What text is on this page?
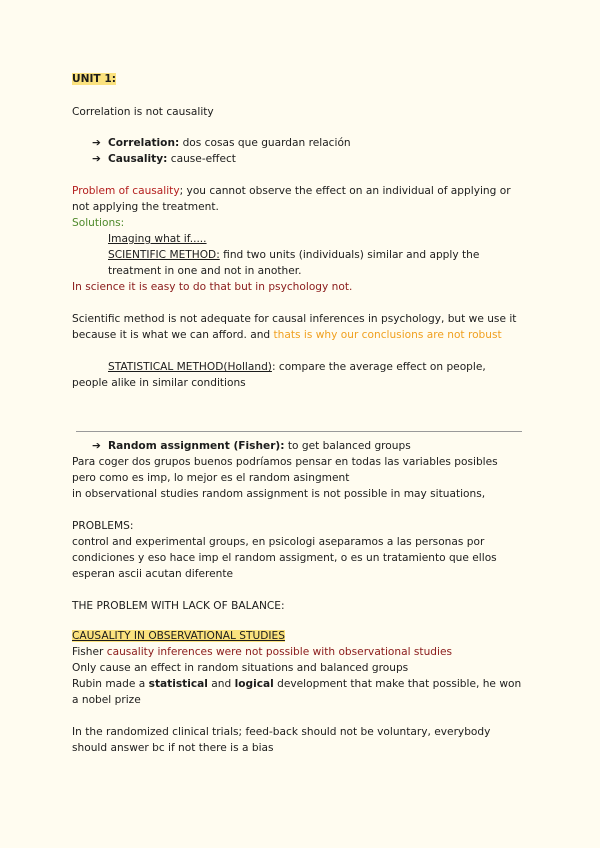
UNIT 1:
Correlation is not causality
➔ Correlation: dos cosas que guardan relación
➔ Causality: cause-effect
Problem of causality; you cannot observe the effect on an individual of applying or
not applying the treatment.
Solutions:
Imaging what if.....
SCIENTIFIC METHOD: find two units (individuals) similar and apply the
treatment in one and not in another.
In science it is easy to do that but in psychology not.
Scientific method is not adequate for causal inferences in psychology, but we use it
because it is what we can afford. and thats is why our conclusions are not robust
STATISTICAL METHOD(Holland): compare the average effect on people,
people alike in similar conditions
➔ Random assignment (Fisher): to get balanced groups
Para coger dos grupos buenos podríamos pensar en todas las variables posibles
pero como es imp, lo mejor es el random asingment
in observational studies random assignment is not possible in may situations,
PROBLEMS:
control and experimental groups, en psicologi aseparamos a las personas por
condiciones y eso hace imp el random assigment, o es un tratamiento que ellos
esperan ascii acutan diferente
THE PROBLEM WITH LACK OF BALANCE:
CAUSALITY IN OBSERVATIONAL STUDIES
Fisher causality inferences were not possible with observational studies
Only cause an effect in random situations and balanced groups
Rubin made a statistical and logical development that make that possible, he won
a nobel prize
In the randomized clinical trials; feed-back should not be voluntary, everybody
should answer bc if not there is a bias
